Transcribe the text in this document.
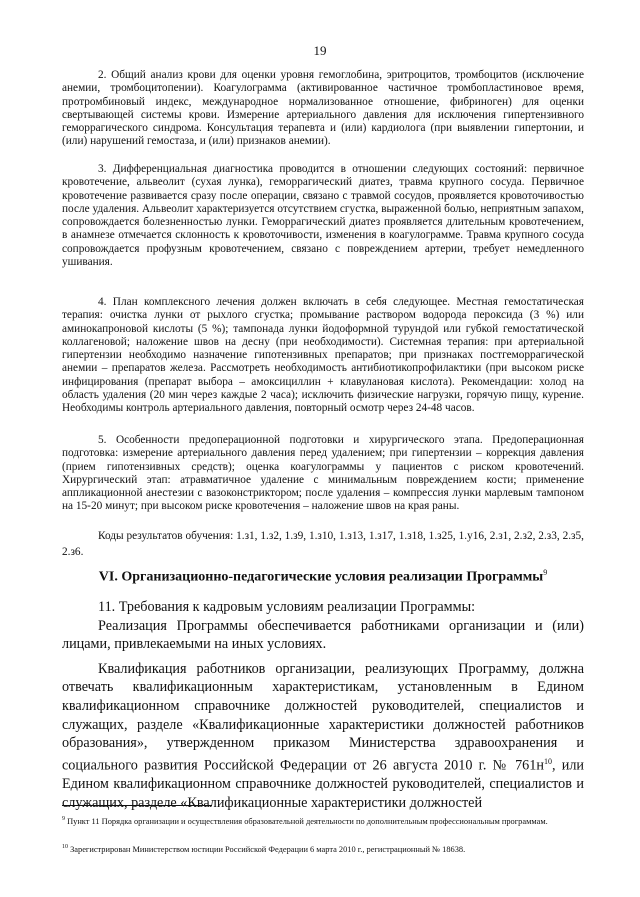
19

2. Общий анализ крови для оценки уровня гемоглобина, эритроцитов, тромбоцитов (исключение анемии, тромбоцитопении). Коагулограмма (активированное частичное тромбопластиновое время, протромбиновый индекс, международное нормализованное отношение, фибриноген) для оценки свертывающей системы крови. Измерение артериального давления для исключения гипертензивного геморрагического синдрома. Консультация терапевта и (или) кардиолога (при выявлении гипертонии, и (или) нарушений гемостаза, и (или) признаков анемии).

3. Дифференциальная диагностика проводится в отношении следующих состояний: первичное кровотечение, альвеолит (сухая лунка), геморрагический диатез, травма крупного сосуда. Первичное кровотечение развивается сразу после операции, связано с травмой сосудов, проявляется кровоточивостью после удаления. Альвеолит характеризуется отсутствием сгустка, выраженной болью, неприятным запахом, сопровождается болезненностью лунки. Геморрагический диатез проявляется длительным кровотечением, в анамнезе отмечается склонность к кровоточивости, изменения в коагулограмме. Травма крупного сосуда сопровождается профузным кровотечением, связано с повреждением артерии, требует немедленного ушивания.

4. План комплексного лечения должен включать в себя следующее. Местная гемостатическая терапия: очистка лунки от рыхлого сгустка; промывание раствором водорода пероксида (3 %) или аминокапроновой кислоты (5 %); тампонада лунки йодоформной турундой или губкой гемостатической коллагеновой; наложение швов на десну (при необходимости). Системная терапия: при артериальной гипертензии необходимо назначение гипотензивных препаратов; при признаках постгеморрагической анемии – препаратов железа. Рассмотреть необходимость антибиотикопрофилактики (при высоком риске инфицирования (препарат выбора – амоксициллин + клавулановая кислота). Рекомендации: холод на область удаления (20 мин через каждые 2 часа); исключить физические нагрузки, горячую пищу, курение. Необходимы контроль артериального давления, повторный осмотр через 24-48 часов.

5. Особенности предоперационной подготовки и хирургического этапа. Предоперационная подготовка: измерение артериального давления перед удалением; при гипертензии – коррекция давления (прием гипотензивных средств); оценка коагулограммы у пациентов с риском кровотечений. Хирургический этап: атравматичное удаление с минимальным повреждением кости; применение аппликационной анестезии с вазоконстриктором; после удаления – компрессия лунки марлевым тампоном на 15-20 минут; при высоком риске кровотечения – наложение швов на края раны.

Коды результатов обучения: 1.з1, 1.з2, 1.з9, 1.з10, 1.з13, 1.з17, 1.з18, 1.з25, 1.у16, 2.з1, 2.з2, 2.з3, 2.з5, 2.з6.
VI. Организационно-педагогические условия реализации Программы$^9$

11. Требования к кадровым условиям реализации Программы:

Реализация Программы обеспечивается работниками организации и (или) лицами, привлекаемыми на иных условиях.

Квалификация работников организации, реализующих Программу, должна отвечать квалификационным характеристикам, установленным в Едином квалификационном справочнике должностей руководителей, специалистов и служащих, разделе «Квалификационные характеристики должностей работников образования», утвержденном приказом Министерства здравоохранения и социального развития Российской Федерации от 26 августа 2010 г. № $761н^{10}$, или Едином квалификационном справочнике должностей руководителей, специалистов и служащих, разделе «Квалификационные характеристики должностей

$^9$ Пункт 11 Порядка организации и осуществления образовательной деятельности по дополнительным профессиональным программам.
$^{10}$ Зарегистрирован Министерством юстиции Российской Федерации 6 марта 2010 г., регистрационный № 18638.
